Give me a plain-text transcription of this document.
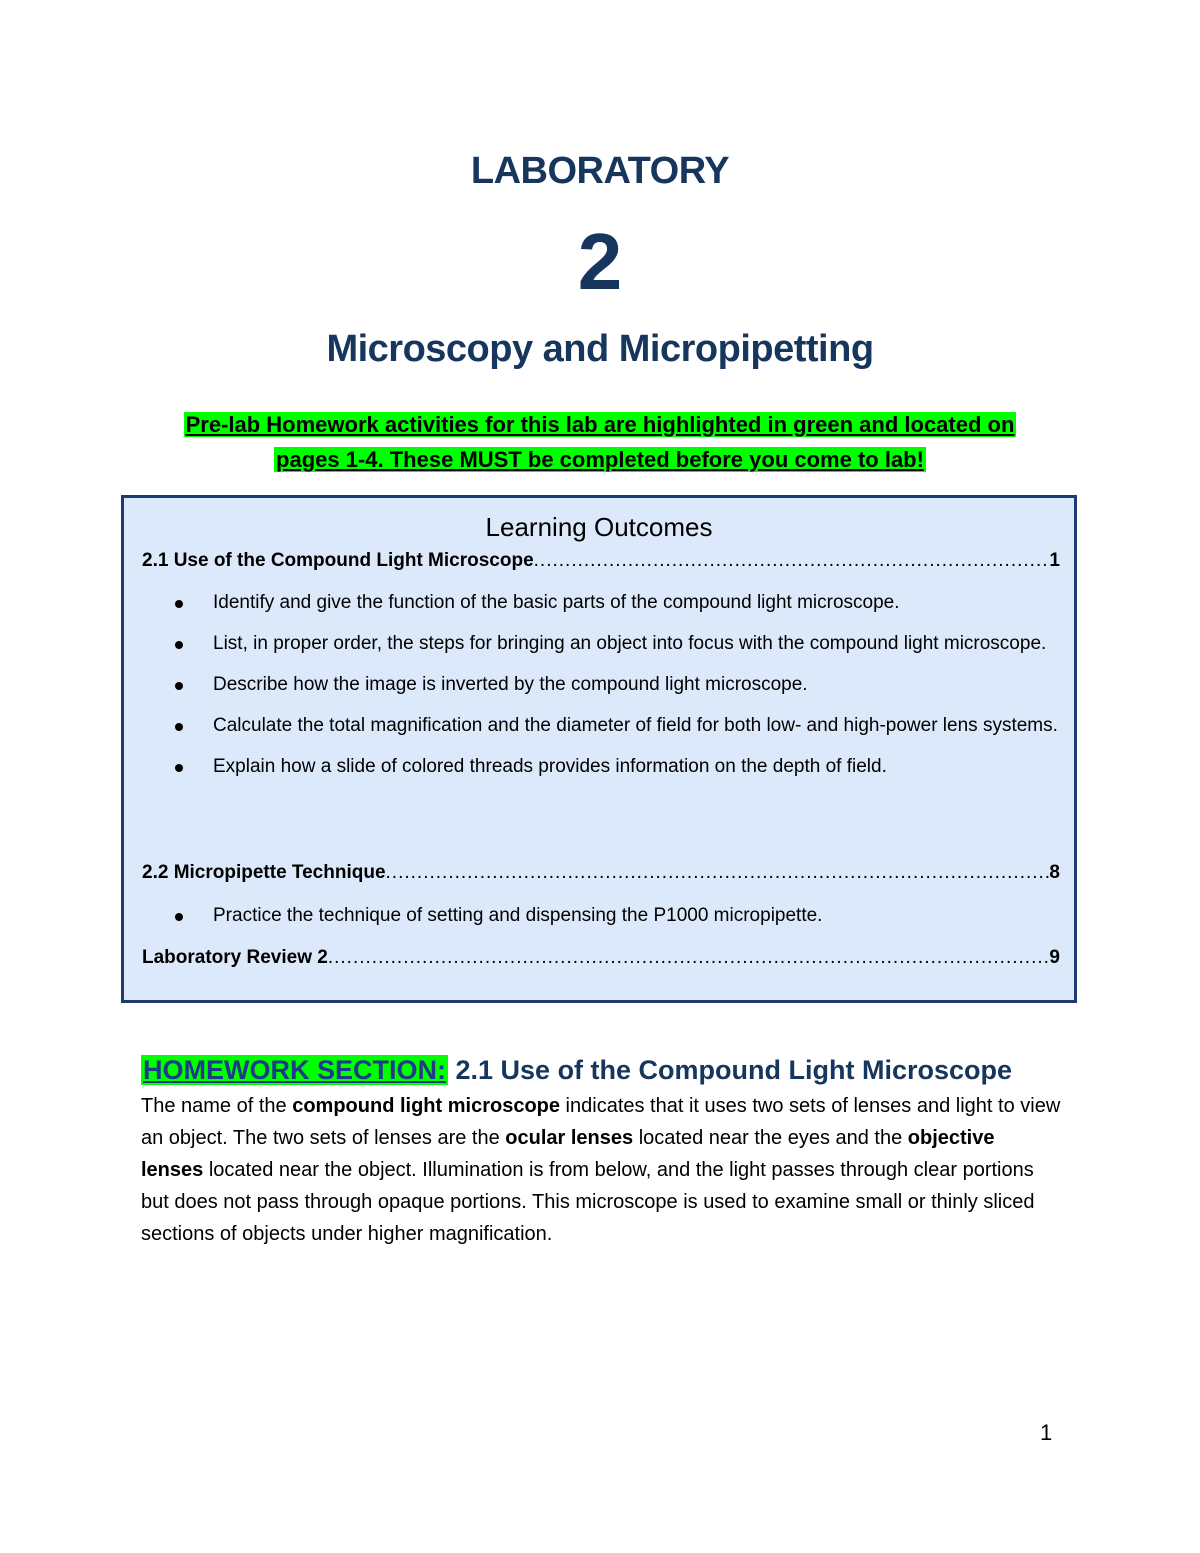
LABORATORY
2
Microscopy and Micropipetting
Pre-lab Homework activities for this lab are highlighted in green and located on
pages 1-4. These MUST be completed before you come to lab!
Learning Outcomes
2.1 Use of the Compound Light Microscope .....	1
Identify and give the function of the basic parts of the compound light microscope.
List, in proper order, the steps for bringing an object into focus with the compound light microscope.
Describe how the image is inverted by the compound light microscope.
Calculate the total magnification and the diameter of field for both low- and high-power lens systems.
Explain how a slide of colored threads provides information on the depth of field.
2.2 Micropipette Technique .....	8
Practice the technique of setting and dispensing the P1000 micropipette.
Laboratory Review 2 .....	9
HOMEWORK SECTION: 2.1 Use of the Compound Light Microscope

The name of the compound light microscope indicates that it uses two sets of lenses and light to view an object. The two sets of lenses are the ocular lenses located near the eyes and the objective lenses located near the object. Illumination is from below, and the light passes through clear portions but does not pass through opaque portions. This microscope is used to examine small or thinly sliced sections of objects under higher magnification.

1
